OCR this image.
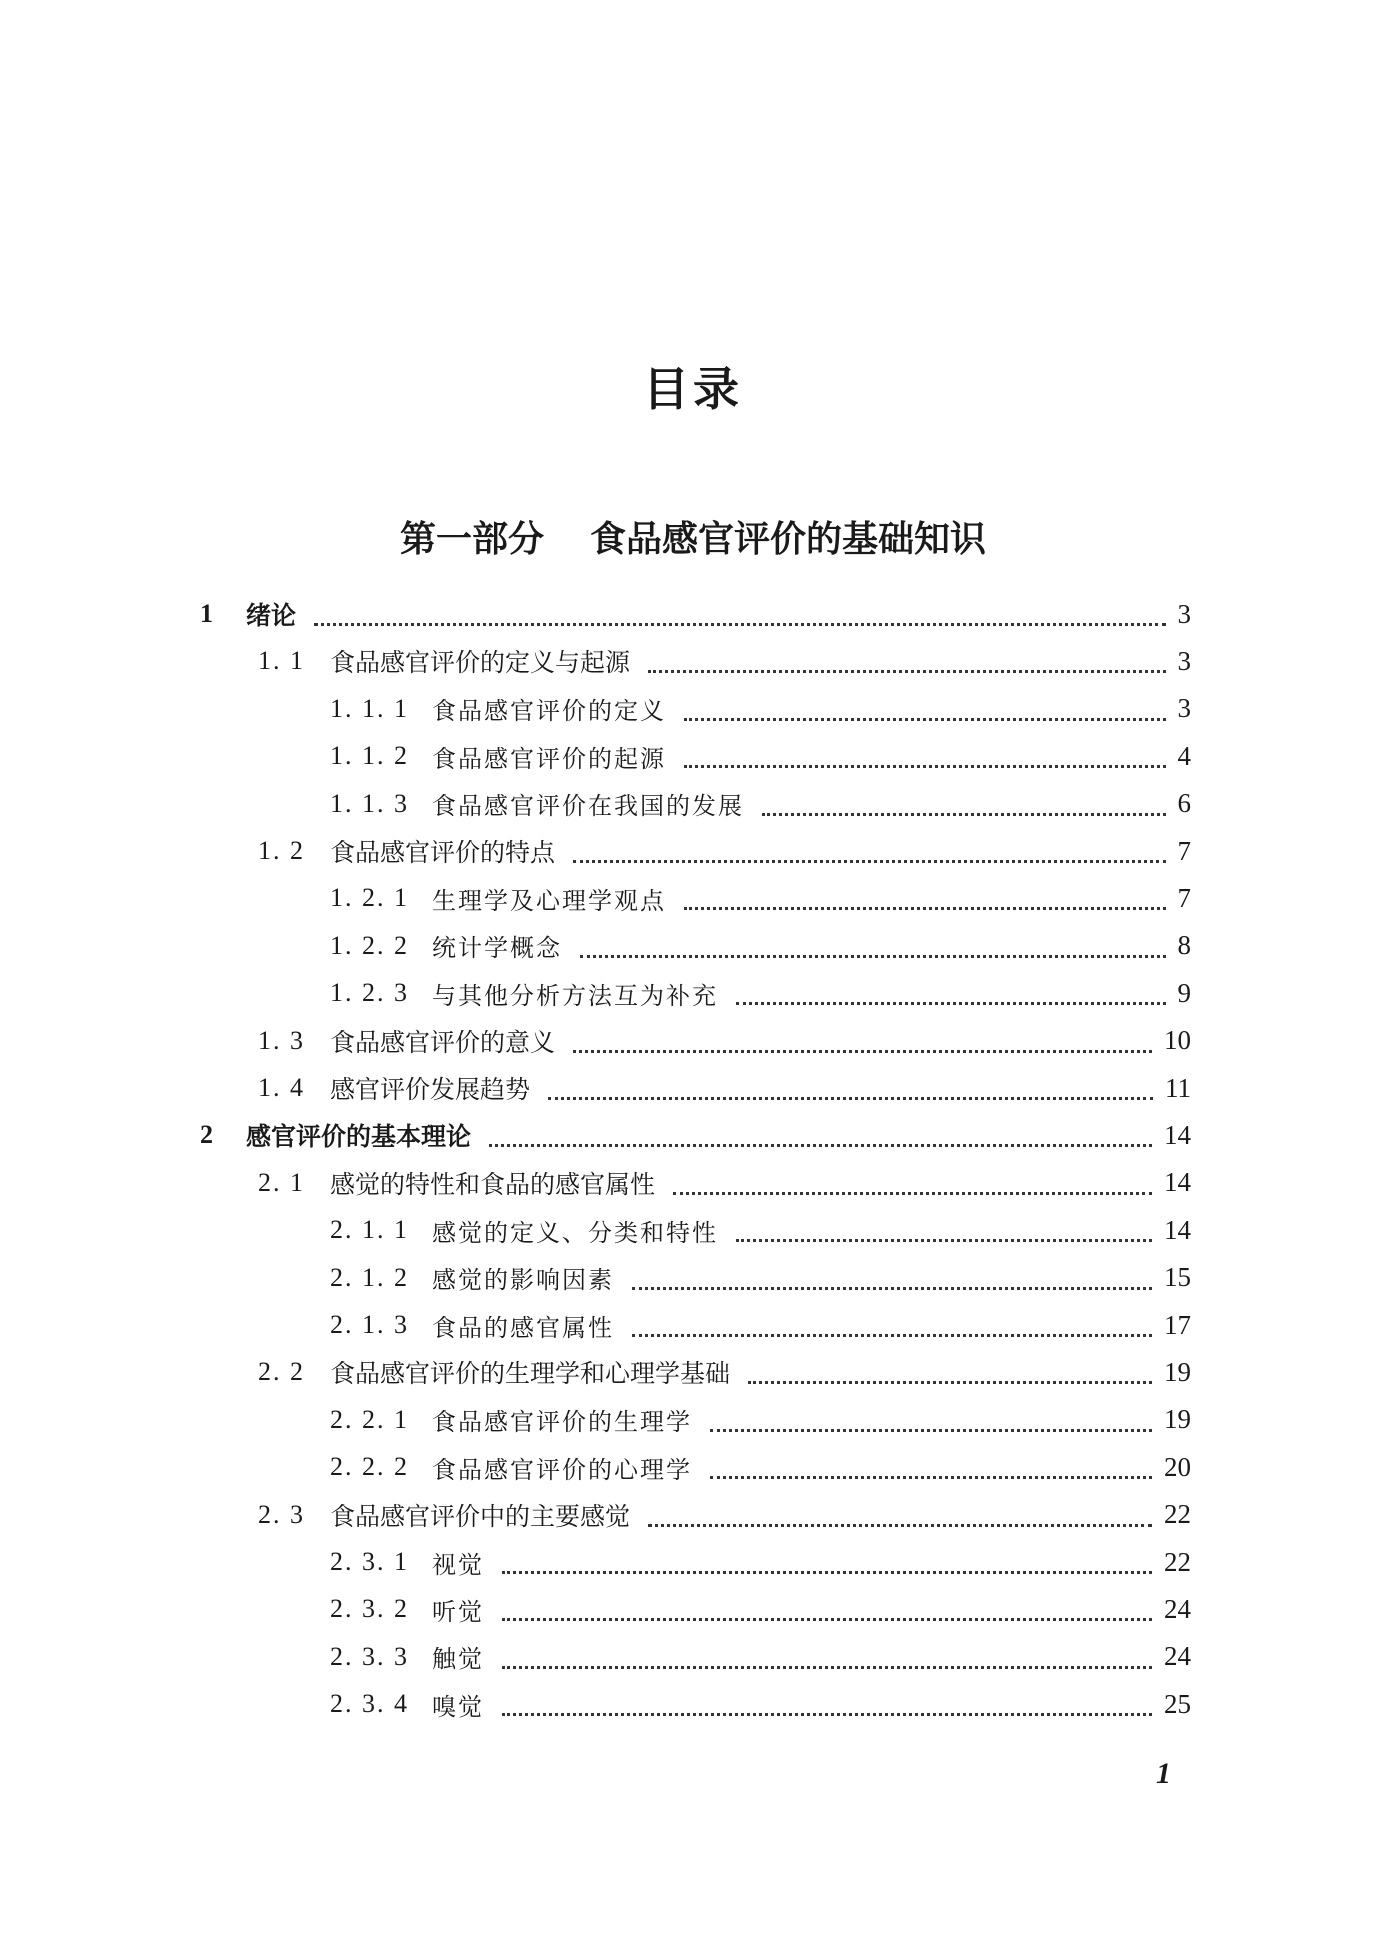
目录
第一部分 食品感官评价的基础知识
1 绪论	3
1. 1 食品感官评价的定义与起源	3
1. 1. 1 食品感官评价的定义	3
1. 1. 2 食品感官评价的起源	4
1. 1. 3 食品感官评价在我国的发展	6
1. 2 食品感官评价的特点	7
1. 2. 1 生理学及心理学观点	7
1. 2. 2 统计学概念	8
1. 2. 3 与其他分析方法互为补充	9
1. 3 食品感官评价的意义	10
1. 4 感官评价发展趋势	11
2 感官评价的基本理论	14
2. 1 感觉的特性和食品的感官属性	14
2. 1. 1 感觉的定义、分类和特性	14
2. 1. 2 感觉的影响因素	15
2. 1. 3 食品的感官属性	17
2. 2 食品感官评价的生理学和心理学基础	19
2. 2. 1 食品感官评价的生理学	19
2. 2. 2 食品感官评价的心理学	20
2. 3 食品感官评价中的主要感觉	22
2. 3. 1 视觉	22
2. 3. 2 听觉	24
2. 3. 3 触觉	24
2. 3. 4 嗅觉	25
1
